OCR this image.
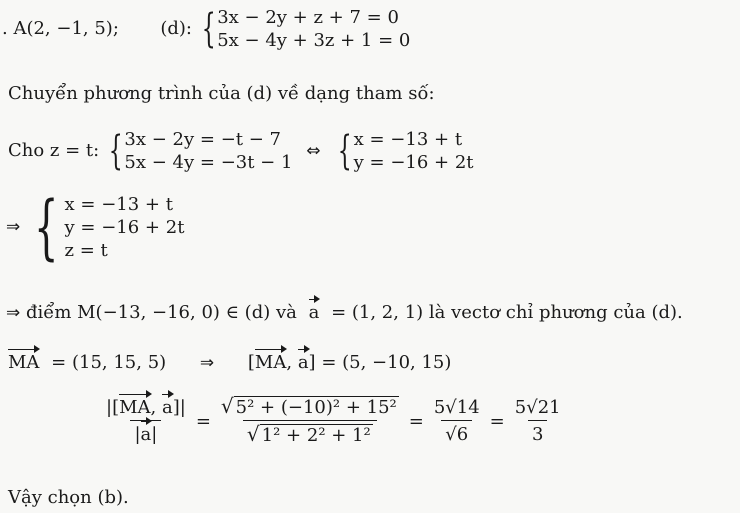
. A(2, −1, 5); (d): { 3x − 2y + z + 7 = 0
5x − 4y + 3z + 1 = 0
Chuyển phương trình của (d) về dạng tham số:
Cho z = t: { 3x − 2y = −t − 7
5x − 4y = −3t − 1
⇔ { x = −13 + t
y = −16 + 2t
⇒ { x = −13 + t
y = −16 + 2t
z = t
⇒ điểm M(−13, −16, 0) ∈ (d) và a = (1, 2, 1) là vectơ chỉ phương của (d).
MA = (15, 15, 5) ⇒ [MA, a] = (5, −10, 15)
$\frac{|[MA, a]|}{|a|} = \frac{\text{√ 5² + (−10)² + 15²}}{\text{√ 1² + 2² + 1²}} = \frac{5√14}{√6} = \frac{5√21}{3}$
Vậy chọn (b).
